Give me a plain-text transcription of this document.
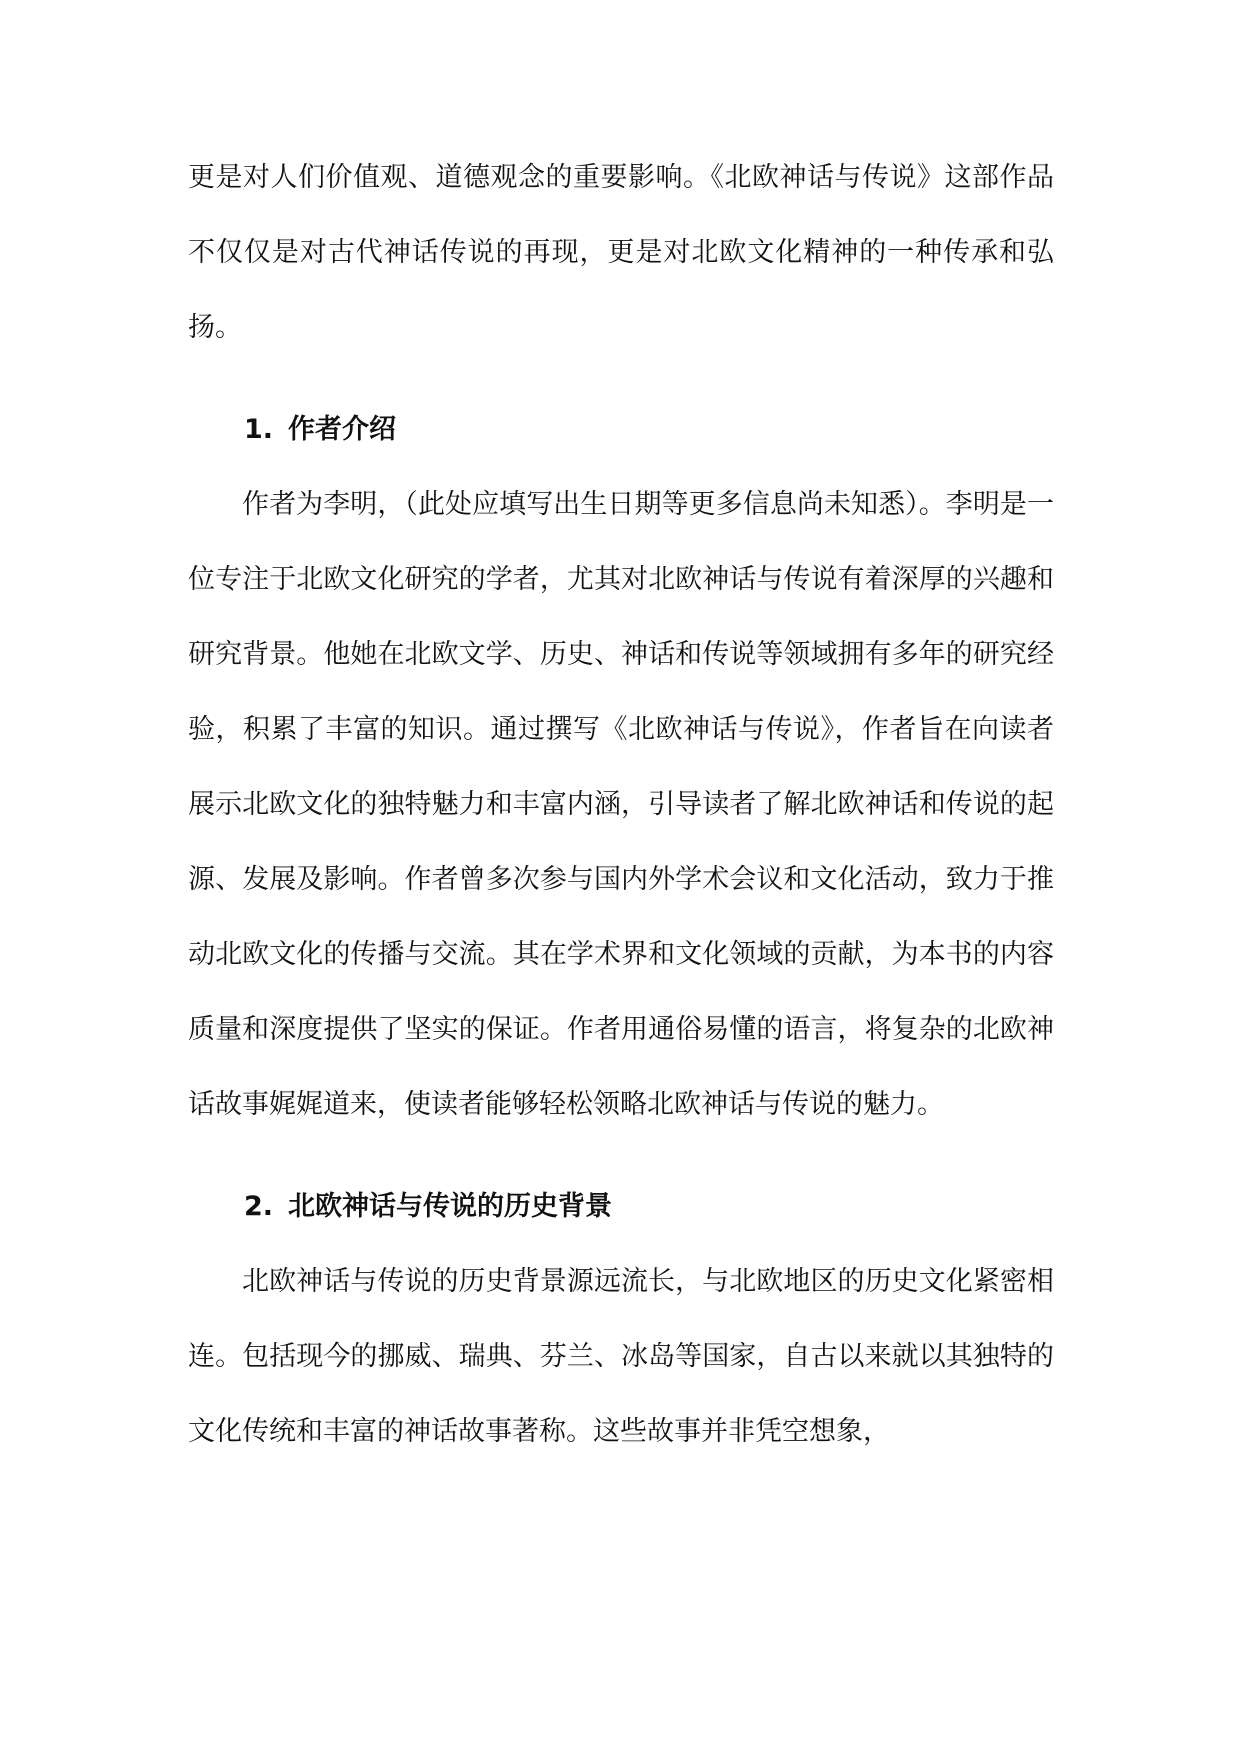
更是对人们价值观、道德观念的重要影响。《北欧神话与传说》这部作品不仅仅是对古代神话传说的再现，更是对北欧文化精神的一种传承和弘扬。

1. 作者介绍

作者为李明，（此处应填写出生日期等更多信息尚未知悉）。李明是一位专注于北欧文化研究的学者，尤其对北欧神话与传说有着深厚的兴趣和研究背景。他她在北欧文学、历史、神话和传说等领域拥有多年的研究经验，积累了丰富的知识。通过撰写《北欧神话与传说》，作者旨在向读者展示北欧文化的独特魅力和丰富内涵，引导读者了解北欧神话和传说的起源、发展及影响。作者曾多次参与国内外学术会议和文化活动，致力于推动北欧文化的传播与交流。其在学术界和文化领域的贡献，为本书的内容质量和深度提供了坚实的保证。作者用通俗易懂的语言，将复杂的北欧神话故事娓娓道来，使读者能够轻松领略北欧神话与传说的魅力。

2. 北欧神话与传说的历史背景

北欧神话与传说的历史背景源远流长，与北欧地区的历史文化紧密相连。包括现今的挪威、瑞典、芬兰、冰岛等国家，自古以来就以其独特的文化传统和丰富的神话故事著称。这些故事并非凭空想象，
